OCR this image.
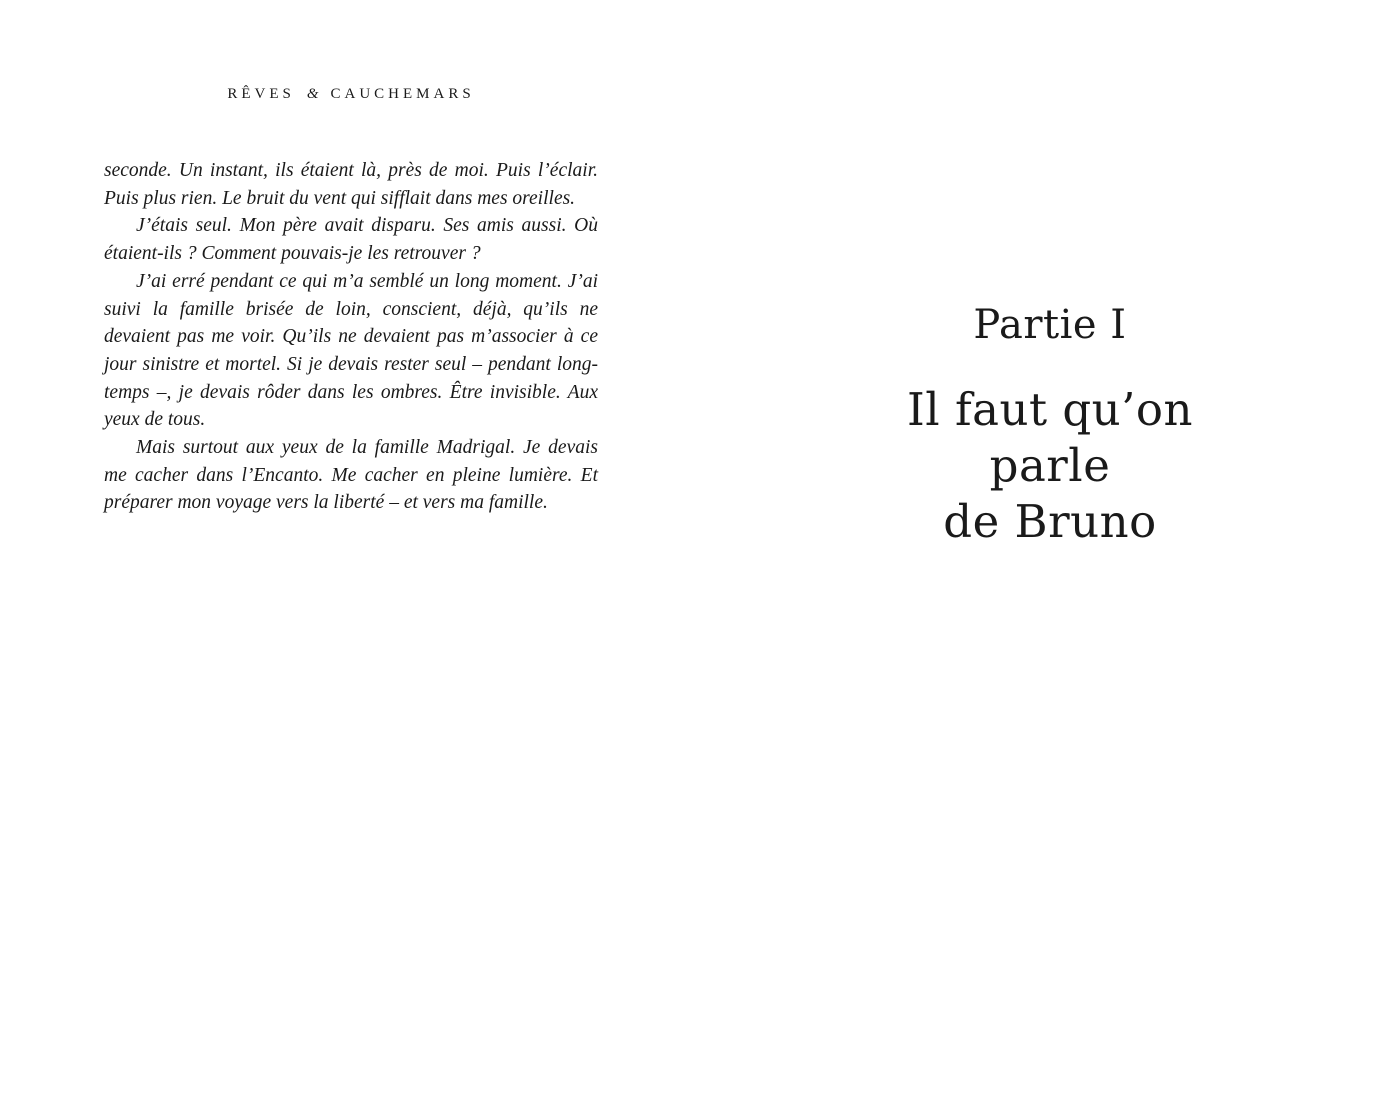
RÊVES & CAUCHEMARS

seconde. Un instant, ils étaient là, près de moi. Puis l’éclair. Puis plus rien. Le bruit du vent qui sifflait dans mes oreilles.

J’étais seul. Mon père avait disparu. Ses amis aussi. Où étaient-ils ? Comment pouvais-je les retrouver ?

J’ai erré pendant ce qui m’a semblé un long moment. J’ai suivi la famille brisée de loin, conscient, déjà, qu’ils ne devaient pas me voir. Qu’ils ne devaient pas m’associer à ce jour sinistre et mortel. Si je devais rester seul – pendant long-temps –, je devais rôder dans les ombres. Être invisible. Aux yeux de tous.

Mais surtout aux yeux de la famille Madrigal. Je devais me cacher dans l’Encanto. Me cacher en pleine lumière. Et préparer mon voyage vers la liberté – et vers ma famille.

Partie I
Il faut qu’on parle
de Bruno
